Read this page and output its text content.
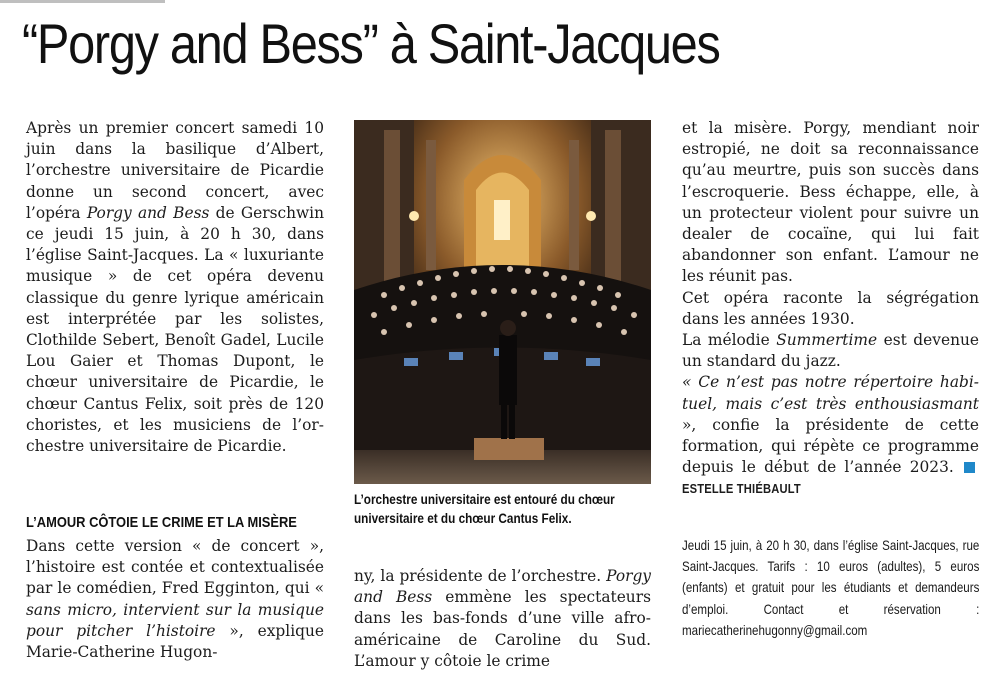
“Porgy and Bess” à Saint-Jacques

Après un premier concert samedi 10 juin dans la basilique d’Albert, l’orchestre universitaire de Picardie donne un second concert, avec l’opéra Porgy and Bess de Gerschwin ce jeudi 15 juin, à 20 h 30, dans l’église Saint-Jacques. La « luxuriante musique » de cet opéra devenu classique du genre lyrique américain est interprétée par les solistes, Clothilde Sebert, Benoît Gadel, Lucile Lou Gaier et Thomas Dupont, le chœur universitaire de Picardie, le chœur Cantus Felix, soit près de 120 choristes, et les musiciens de l’orchestre universitaire de Picardie.

L’AMOUR CÔTOIE LE CRIME ET LA MISÈRE

Dans cette version « de concert », l’histoire est contée et contextualisée par le comédien, Fred Egginton, qui « sans micro, intervient sur la musique pour pitcher l’histoire », explique Marie-Catherine Hugon-

L’orchestre universitaire est entouré du chœur universitaire et du chœur Cantus Felix.

ny, la présidente de l’orchestre. Porgy and Bess emmène les spectateurs dans les bas-fonds d’une ville afro-américaine de Caroline du Sud. L’amour y côtoie le crime

et la misère. Porgy, mendiant noir estropié, ne doit sa reconnaissance qu’au meurtre, puis son succès dans l’escroquerie. Bess échappe, elle, à un protecteur violent pour suivre un dealer de cocaïne, qui lui fait abandonner son enfant. L’amour ne les réunit pas.

Cet opéra raconte la ségrégation dans les années 1930.

La mélodie Summertime est devenue un standard du jazz.

« Ce n’est pas notre répertoire habituel, mais c’est très enthousiasmant », confie la présidente de cette formation, qui répète ce programme depuis le début de l’année 2023. ESTELLE THIÉBAULT

Jeudi 15 juin, à 20 h 30, dans l’église Saint-Jacques, rue Saint-Jacques. Tarifs : 10 euros (adultes), 5 euros (enfants) et gratuit pour les étudiants et demandeurs d’emploi. Contact et réservation : mariecatherinehugonny@gmail.com
